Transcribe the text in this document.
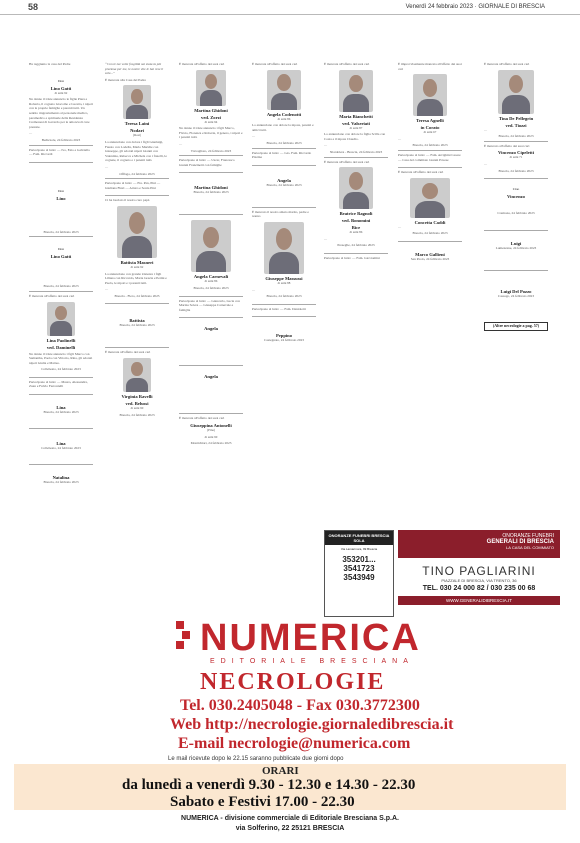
58	Venerdì 24 febbraio 2023 · GIORNALE DI BRESCIA

Ha raggiunto la casa del Padre

Don
Lino Gatti
di anni 92

Ne danno il triste annuncio le figlie Piera e Roberta, il cognato Giacomo e Lucetta, i nipoti con le proprie famiglie e parenti tutti. Un sentito ringraziamento al personale medico, paramedico e spirituale della Residenza Cremonesi di Gavardo per le amorevoli cure prestate.

…

Bedizzole, 24 febbraio 2023

Partecipano al lutto: — Ivo, Ezio e Gabriella — Fam. Riccardi

Don
Lino

Brescia, 24 febbraio 2023

Don
Lino Gatti

Brescia, 24 febbraio 2023

È mancata all'affetto dei suoi cari

Lina Paolinelli
ved. Daminelli

Ne danno il triste annuncio i figli Marco con Samantha, Paola con Vittorio, Rina, gli adorati nipoti Giulia e Matteo.

Collebeato, 24 febbraio 2023

Partecipano al lutto: — Mauro, Alessandra, Zuan e Fulvio Ferronielli

Lina

Brescia, 24 febbraio 2023

Lina

Collebeato, 24 febbraio 2023

Natalina

Brescia, 24 febbraio 2023

“Con le tue volte fragilità sai stata la più preziosa per me, le nostre vite le hai rese il sole...”

È mancata alla Casa del Padre

Teresa Laini
Nodari
(Rosi)

La annunciano con dolore i figli Gianluigi, Fausto con Lodella, Mario Maridie con Giuseppe, gli adorati nipoti Gianni con Valentina, Rebecca e Michela con i fratelli, le cognate, il cognato e i parenti tutti.

…

Offlaga, 24 febbraio 2023

Partecipano al lutto: — Eta. Pan, Pinì — Giuliana Finzi — Arturo e Sonia Pini

Ci ha lasciato il nostro caro papà

Battista Masneri
di anni 92

La annunciano con grande tristezza i figli Liliana con Riccardo, Maria Grazia e Perini e Paola, le nipoti e i parenti tutti.

…

Brescia - Flero, 24 febbraio 2023

Battista

Brescia, 24 febbraio 2023

È mancata all'affetto dei suoi cari

Virginia Ravelli
ved. Belussi
di anni 90

Brescia, 24 febbraio 2023

È mancata all'affetto dei suoi cari

Martina Ghidoni
ved. Zorzi
di anni 94

Ne danno il triste annuncio i figli Marco, Flavio, Fiorenza e Roberta, il genero, i nipoti e i parenti tutti.

…

Travagliato, 24 febbraio 2023

Partecipano al lutto: — Uscar, Francesco Gianni Franzinetti con famiglie

Martina Ghidoni

Brescia, 24 febbraio 2023

Angela Carnevali
di anni 86

Brescia, 24 febbraio 2023

Partecipano al lutto: — Giancarlo, Lucia con Marina Solera — Giuseppe Carnevale e famiglia

Angela
Angela

È mancata all'affetto dei suoi cari

Giuseppina Antonelli
(Pina)
di anni 90

Montichiari, 24 febbraio 2023

È mancata all'affetto dei suoi cari

Angela Codenotti
di anni 86

Lo annunciano con dolore la nipote, parenti e amici tutti.

…

Brescia, 24 febbraio 2023

Partecipano al lutto: — Gio. Fam. Riccardo Pizzina

Angela

Brescia, 24 febbraio 2023

È mancato il nostro amato marito, padre e nonno

Giuseppe Massussi
di anni 88

…

Brescia, 24 febbraio 2023

Partecipano al lutto: — Fam. Danioletti

Peppino

Castegnato, 24 febbraio 2023

È mancata all'affetto dei suoi cari

Maria Bianchetti
ved. Valseriati
di anni 87

Lo annunciano con dolore la figlia Scilla con Costa e il nipote Claudio.

…

Niardolera - Brescia, 24 febbraio 2023

È mancata all'affetto dei suoi cari

Beatrice Ragnoli
ved. Bonomini
Bice
di anni 86

…

Preseglie, 24 febbraio 2023

Partecipano al lutto: — Fam. Gioviomini

È improvvisamente mancata all'affetto dei suoi cari

Teresa Agnelli
in Corato
di anni 67

…

Brescia, 24 febbraio 2023

Partecipano al lutto: — Fam. Arrighini Cesare — Casa del commiato Gianni Pavese

È mancata all'affetto dei suoi cari

Concetta Caddi

…

Brescia, 24 febbraio 2023

Marco Gallieni

San Paolo, 24 febbraio 2023

È mancata all'affetto dei suoi cari

Tina De Pellegrin
ved. Tiozzi

…

Brescia, 24 febbraio 2023

È mancato all'affetto dei suoi cari

Vincenzo Cipeletti
di anni 71

…

Brescia, 24 febbraio 2023

Ciao
Vincenzo

Cremona, 24 febbraio 2023

Luigi

Lumezzane, 24 febbraio 2023

Luigi Del Pozzo

Cassago, 24 febbraio 2023

(Altre necrologie a pag. 57)
ONORANZE FUNEBRI BRESCIA SOLA
Via Lamarmora, 99 Brescia
353201...
3541723
3543949
ONORANZE FUNEBRI
GENERALI DI BRESCIA
LA CASA DEL COMMIATO
TINO PAGLIARINI
PIAZZALE DI BRESCIA, VIA TRENTO, 36
TEL. 030 24 000 82 / 030 235 00 68
WWW.GENERALIDIBRESCIA.IT
NUMERICA
EDITORIALE BRESCIANA
NECROLOGIE
Tel. 030.2405048 - Fax 030.3772300
Web http://necrologie.giornaledibrescia.it
E-mail necrologie@numerica.com
Le mail ricevute dopo le 22.15 saranno pubblicate due giorni dopo
ORARI
da lunedì a venerdì 9.30 - 12.30 e 14.30 - 22.30
Sabato e Festivi 17.00 - 22.30
NUMERICA - divisione commerciale di Editoriale Bresciana S.p.A.
via Solferino, 22 25121 BRESCIA
